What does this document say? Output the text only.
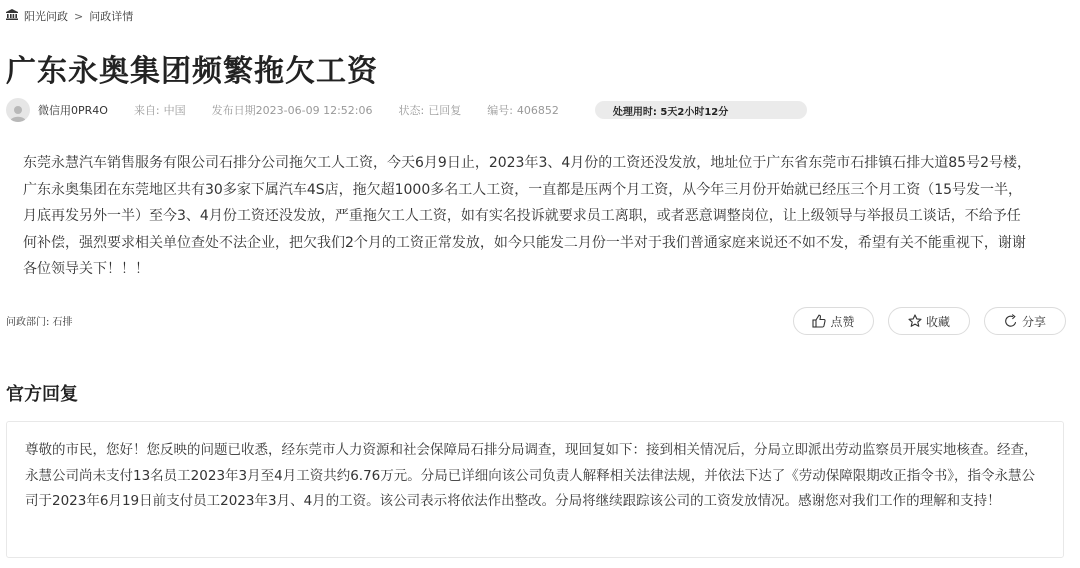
阳光问政 > 问政详情
广东永奥集团频繁拖欠工资
微信用0PR4O 来自: 中国 发布日期2023-06-09 12:52:06 状态: 已回复 编号: 406852	处理用时: 5天2小时12分

东莞永慧汽车销售服务有限公司石排分公司拖欠工人工资，今天6月9日止，2023年3、4月份的工资还没发放，地址位于广东省东莞市石排镇石排大道85号2号楼，广东永奥集团在东莞地区共有30多家下属汽车4S店，拖欠超1000多名工人工资，一直都是压两个月工资，从今年三月份开始就已经压三个月工资（15号发一半，月底再发另外一半）至今3、4月份工资还没发放，严重拖欠工人工资，如有实名投诉就要求员工离职，或者恶意调整岗位，让上级领导与举报员工谈话，不给予任何补偿，强烈要求相关单位查处不法企业，把欠我们2个月的工资正常发放，如今只能发二月份一半对于我们普通家庭来说还不如不发，希望有关不能重视下，谢谢各位领导关下！！！

问政部门: 石排	点赞	收藏	分享
官方回复

尊敬的市民，您好！您反映的问题已收悉，经东莞市人力资源和社会保障局石排分局调查，现回复如下：接到相关情况后，分局立即派出劳动监察员开展实地核查。经查，永慧公司尚未支付13名员工2023年3月至4月工资共约6.76万元。分局已详细向该公司负责人解释相关法律法规，并依法下达了《劳动保障限期改正指令书》，指令永慧公司于2023年6月19日前支付员工2023年3月、4月的工资。该公司表示将依法作出整改。分局将继续跟踪该公司的工资发放情况。感谢您对我们工作的理解和支持！
